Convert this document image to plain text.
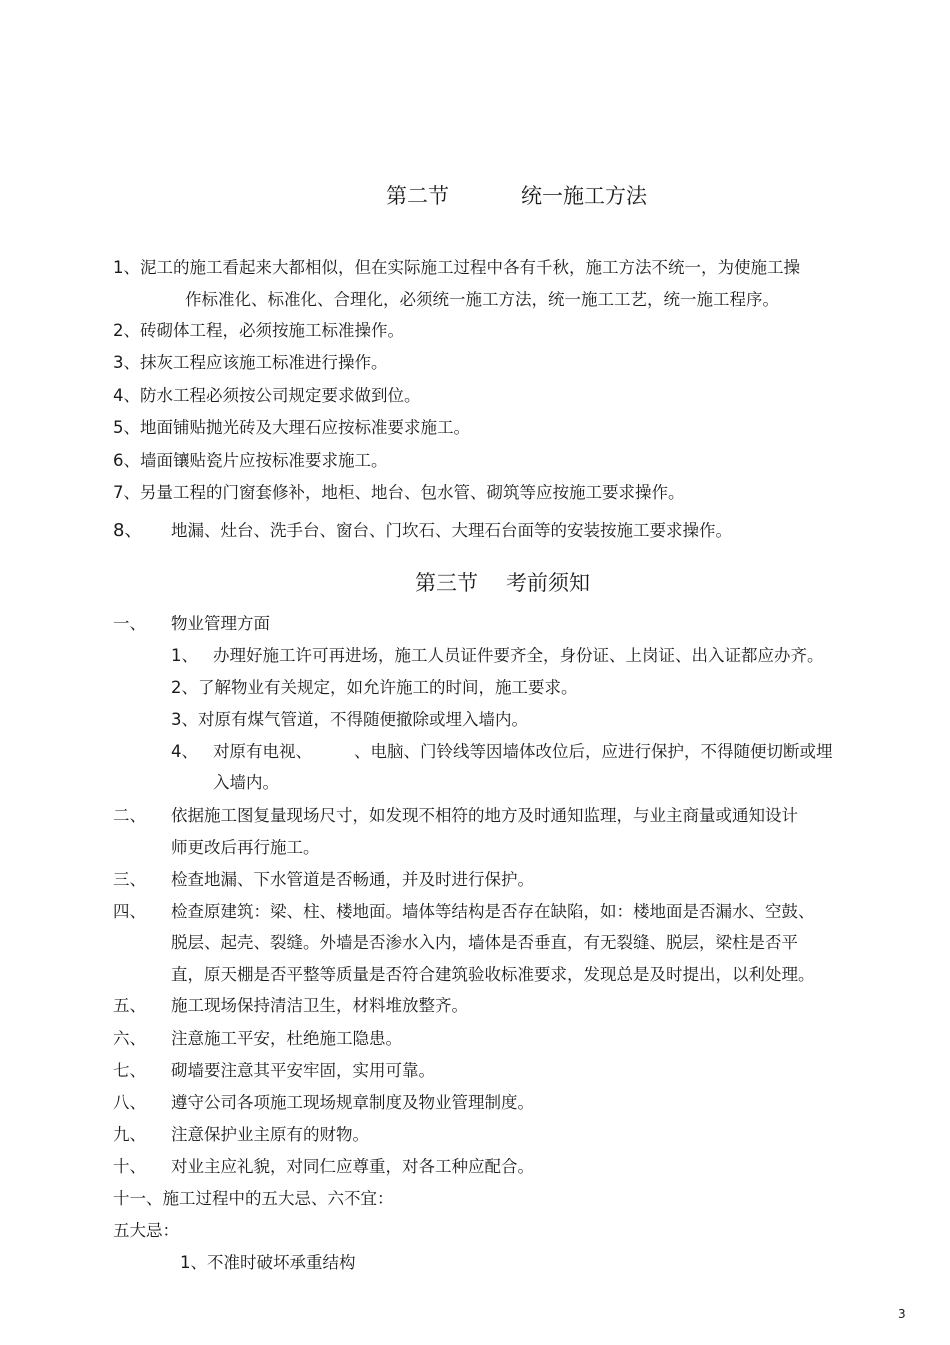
第二节	统一施工方法
1、泥工的施工看起来大都相似，但在实际施工过程中各有千秋，施工方法不统一，为使施工操
作标准化、标准化、合理化，必须统一施工方法，统一施工工艺，统一施工程序。
2、砖砌体工程，必须按施工标准操作。
3、抹灰工程应该施工标准进行操作。
4、防水工程必须按公司规定要求做到位。
5、地面铺贴抛光砖及大理石应按标准要求施工。
6、墙面镶贴瓷片应按标准要求施工。
7、另量工程的门窗套修补，地柜、地台、包水管、砌筑等应按施工要求操作。
8、 地漏、灶台、洗手台、窗台、门坎石、大理石台面等的安装按施工要求操作。
第三节 考前须知
一、 物业管理方面
1、 办理好施工许可再进场，施工人员证件要齐全，身份证、上岗证、出入证都应办齐。
2、了解物业有关规定，如允许施工的时间，施工要求。
3、对原有煤气管道，不得随便撤除或埋入墙内。
4、 对原有电视、	、电脑、门铃线等因墙体改位后，应进行保护，不得随便切断或埋
入墙内。
二、 依据施工图复量现场尺寸，如发现不相符的地方及时通知监理，与业主商量或通知设计
师更改后再行施工。
三、 检查地漏、下水管道是否畅通，并及时进行保护。
四、 检查原建筑：梁、柱、楼地面。墙体等结构是否存在缺陷，如：楼地面是否漏水、空鼓、
脱层、起壳、裂缝。外墙是否渗水入内，墙体是否垂直，有无裂缝、脱层，梁柱是否平
直，原天棚是否平整等质量是否符合建筑验收标准要求，发现总是及时提出，以利处理。
五、 施工现场保持清洁卫生，材料堆放整齐。
六、 注意施工平安，杜绝施工隐患。
七、 砌墙要注意其平安牢固，实用可靠。
八、 遵守公司各项施工现场规章制度及物业管理制度。
九、 注意保护业主原有的财物。
十、 对业主应礼貌，对同仁应尊重，对各工种应配合。
十一、施工过程中的五大忌、六不宜：
五大忌：
1、不准时破坏承重结构
3
